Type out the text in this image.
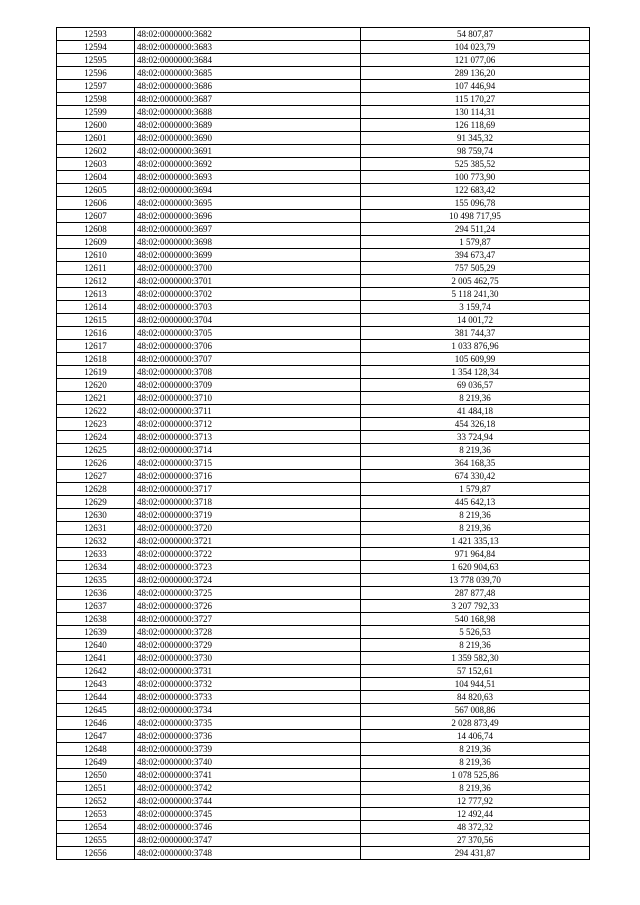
12593	48:02:0000000:3682	54 807,87
12594	48:02:0000000:3683	104 023,79
12595	48:02:0000000:3684	121 077,06
12596	48:02:0000000:3685	289 136,20
12597	48:02:0000000:3686	107 446,94
12598	48:02:0000000:3687	115 170,27
12599	48:02:0000000:3688	130 114,31
12600	48:02:0000000:3689	126 118,69
12601	48:02:0000000:3690	91 345,32
12602	48:02:0000000:3691	98 759,74
12603	48:02:0000000:3692	525 385,52
12604	48:02:0000000:3693	100 773,90
12605	48:02:0000000:3694	122 683,42
12606	48:02:0000000:3695	155 096,78
12607	48:02:0000000:3696	10 498 717,95
12608	48:02:0000000:3697	294 511,24
12609	48:02:0000000:3698	1 579,87
12610	48:02:0000000:3699	394 673,47
12611	48:02:0000000:3700	757 505,29
12612	48:02:0000000:3701	2 005 462,75
12613	48:02:0000000:3702	5 118 241,30
12614	48:02:0000000:3703	3 159,74
12615	48:02:0000000:3704	14 001,72
12616	48:02:0000000:3705	381 744,37
12617	48:02:0000000:3706	1 033 876,96
12618	48:02:0000000:3707	105 609,99
12619	48:02:0000000:3708	1 354 128,34
12620	48:02:0000000:3709	69 036,57
12621	48:02:0000000:3710	8 219,36
12622	48:02:0000000:3711	41 484,18
12623	48:02:0000000:3712	454 326,18
12624	48:02:0000000:3713	33 724,94
12625	48:02:0000000:3714	8 219,36
12626	48:02:0000000:3715	364 168,35
12627	48:02:0000000:3716	674 330,42
12628	48:02:0000000:3717	1 579,87
12629	48:02:0000000:3718	445 642,13
12630	48:02:0000000:3719	8 219,36
12631	48:02:0000000:3720	8 219,36
12632	48:02:0000000:3721	1 421 335,13
12633	48:02:0000000:3722	971 964,84
12634	48:02:0000000:3723	1 620 904,63
12635	48:02:0000000:3724	13 778 039,70
12636	48:02:0000000:3725	287 877,48
12637	48:02:0000000:3726	3 207 792,33
12638	48:02:0000000:3727	540 168,98
12639	48:02:0000000:3728	5 526,53
12640	48:02:0000000:3729	8 219,36
12641	48:02:0000000:3730	1 359 582,30
12642	48:02:0000000:3731	57 152,61
12643	48:02:0000000:3732	104 944,51
12644	48:02:0000000:3733	84 820,63
12645	48:02:0000000:3734	567 008,86
12646	48:02:0000000:3735	2 028 873,49
12647	48:02:0000000:3736	14 406,74
12648	48:02:0000000:3739	8 219,36
12649	48:02:0000000:3740	8 219,36
12650	48:02:0000000:3741	1 078 525,86
12651	48:02:0000000:3742	8 219,36
12652	48:02:0000000:3744	12 777,92
12653	48:02:0000000:3745	12 492,44
12654	48:02:0000000:3746	48 372,32
12655	48:02:0000000:3747	27 370,56
12656	48:02:0000000:3748	294 431,87
